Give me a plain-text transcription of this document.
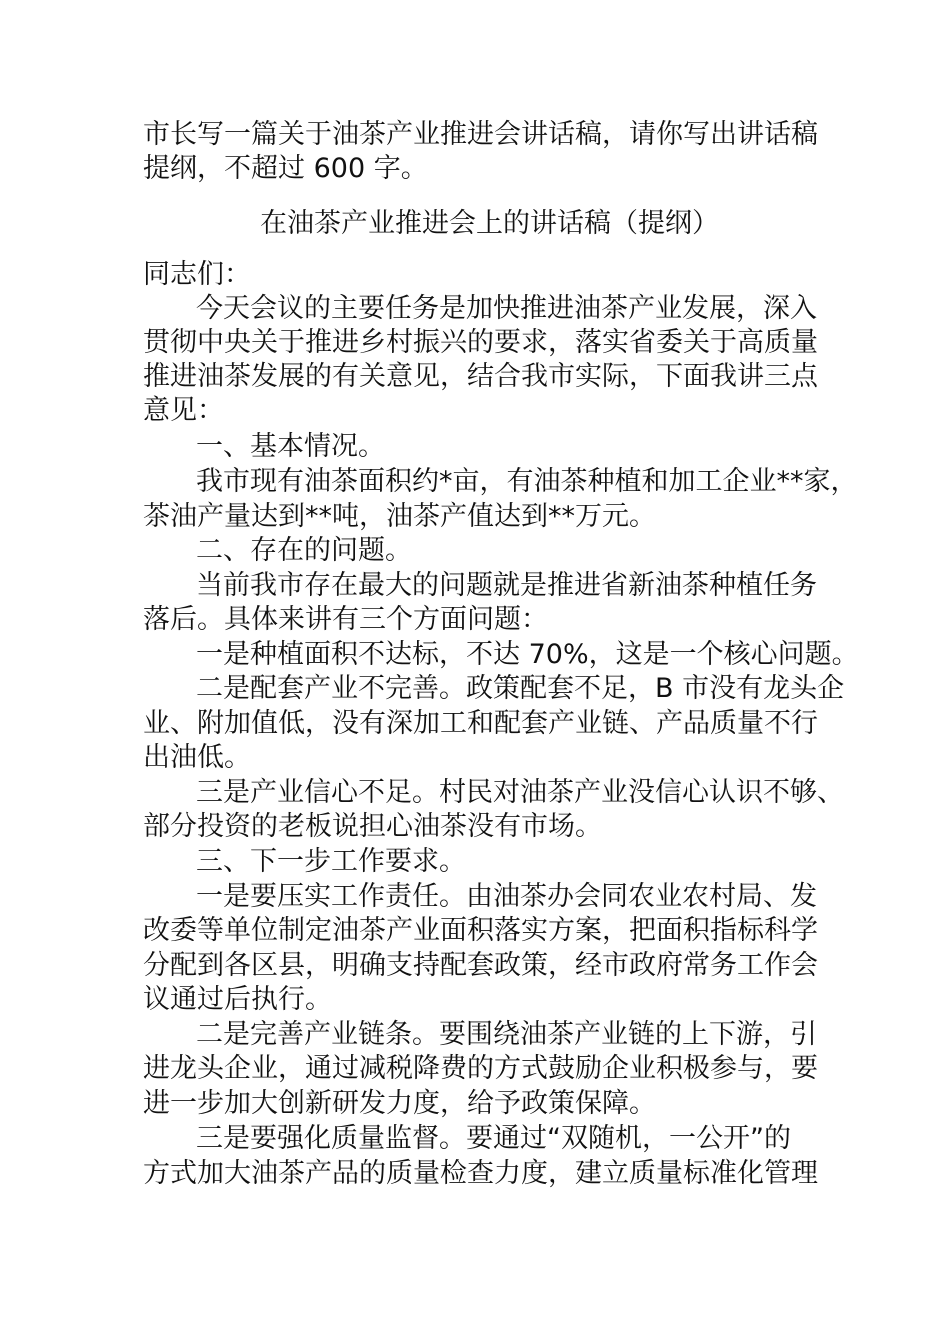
市长写一篇关于油茶产业推进会讲话稿，请你写出讲话稿
提纲，不超过 600 字。
在油茶产业推进会上的讲话稿（提纲）
同志们：
今天会议的主要任务是加快推进油茶产业发展，深入
贯彻中央关于推进乡村振兴的要求，落实省委关于高质量
推进油茶发展的有关意见，结合我市实际，下面我讲三点
意见：
一、基本情况。
我市现有油茶面积约*亩，有油茶种植和加工企业**家，
茶油产量达到**吨，油茶产值达到**万元。
二、存在的问题。
当前我市存在最大的问题就是推进省新油茶种植任务
落后。具体来讲有三个方面问题：
一是种植面积不达标，不达 70%，这是一个核心问题。
二是配套产业不完善。政策配套不足，B 市没有龙头企
业、附加值低，没有深加工和配套产业链、产品质量不行
出油低。
三是产业信心不足。村民对油茶产业没信心认识不够、
部分投资的老板说担心油茶没有市场。
三、下一步工作要求。
一是要压实工作责任。由油茶办会同农业农村局、发
改委等单位制定油茶产业面积落实方案，把面积指标科学
分配到各区县，明确支持配套政策，经市政府常务工作会
议通过后执行。
二是完善产业链条。要围绕油茶产业链的上下游，引
进龙头企业，通过减税降费的方式鼓励企业积极参与，要
进一步加大创新研发力度，给予政策保障。
三是要强化质量监督。要通过“双随机，一公开”的
方式加大油茶产品的质量检查力度，建立质量标准化管理
